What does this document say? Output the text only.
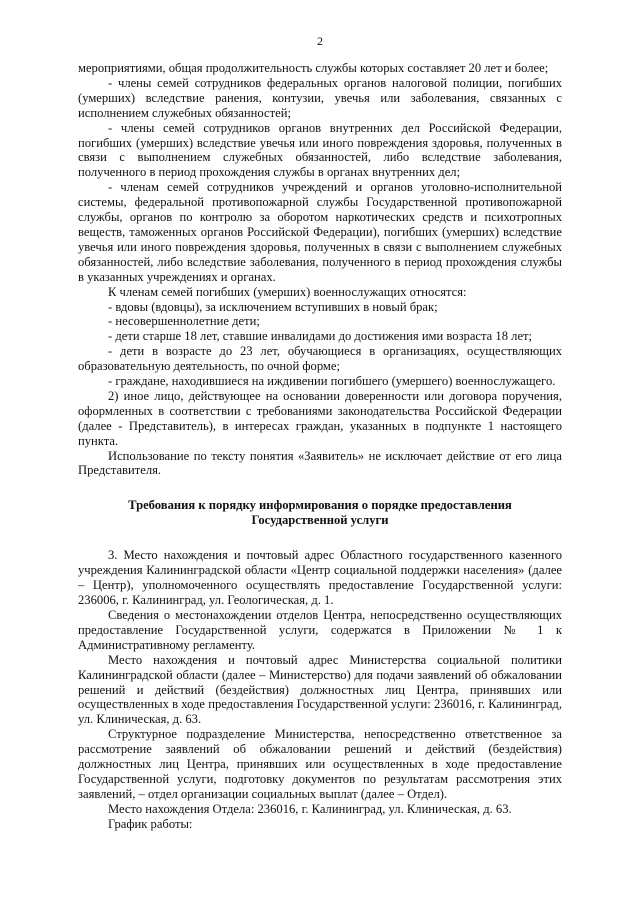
2

мероприятиями, общая продолжительность службы которых составляет 20 лет и более;

- члены семей сотрудников федеральных органов налоговой полиции, погибших (умерших) вследствие ранения, контузии, увечья или заболевания, связанных с исполнением служебных обязанностей;

- члены семей сотрудников органов внутренних дел Российской Федерации, погибших (умерших) вследствие увечья или иного повреждения здоровья, полученных в связи с выполнением служебных обязанностей, либо вследствие заболевания, полученного в период прохождения службы в органах внутренних дел;

- членам семей сотрудников учреждений и органов уголовно-исполнительной системы, федеральной противопожарной службы Государственной противопожарной службы, органов по контролю за оборотом наркотических средств и психотропных веществ, таможенных органов Российской Федерации), погибших (умерших) вследствие увечья или иного повреждения здоровья, полученных в связи с выполнением служебных обязанностей, либо вследствие заболевания, полученного в период прохождения службы в указанных учреждениях и органах.

К членам семей погибших (умерших) военнослужащих относятся:

- вдовы (вдовцы), за исключением вступивших в новый брак;

- несовершеннолетние дети;

- дети старше 18 лет, ставшие инвалидами до достижения ими возраста 18 лет;

- дети в возрасте до 23 лет, обучающиеся в организациях, осуществляющих образовательную деятельность, по очной форме;

- граждане, находившиеся на иждивении погибшего (умершего) военнослужащего.

2) иное лицо, действующее на основании доверенности или договора поручения, оформленных в соответствии с требованиями законодательства Российской Федерации (далее - Представитель), в интересах граждан, указанных в подпункте 1 настоящего пункта.

Использование по тексту понятия «Заявитель» не исключает действие от его лица Представителя.

Требования к порядку информирования о порядке предоставления Государственной услуги

3. Место нахождения и почтовый адрес Областного государственного казенного учреждения Калининградской области «Центр социальной поддержки населения» (далее – Центр), уполномоченного осуществлять предоставление Государственной услуги: 236006, г. Калининград, ул. Геологическая, д. 1.

Сведения о местонахождении отделов Центра, непосредственно осуществляющих предоставление Государственной услуги, содержатся в Приложении № 1 к Административному регламенту.

Место нахождения и почтовый адрес Министерства социальной политики Калининградской области (далее – Министерство) для подачи заявлений об обжаловании решений и действий (бездействия) должностных лиц Центра, принявших или осуществленных в ходе предоставления Государственной услуги: 236016, г. Калининград, ул. Клиническая, д. 63.

Структурное подразделение Министерства, непосредственно ответственное за рассмотрение заявлений об обжаловании решений и действий (бездействия) должностных лиц Центра, принявших или осуществленных в ходе предоставление Государственной услуги, подготовку документов по результатам рассмотрения этих заявлений, – отдел организации социальных выплат (далее – Отдел).

Место нахождения Отдела: 236016, г. Калининград, ул. Клиническая, д. 63.

График работы:
